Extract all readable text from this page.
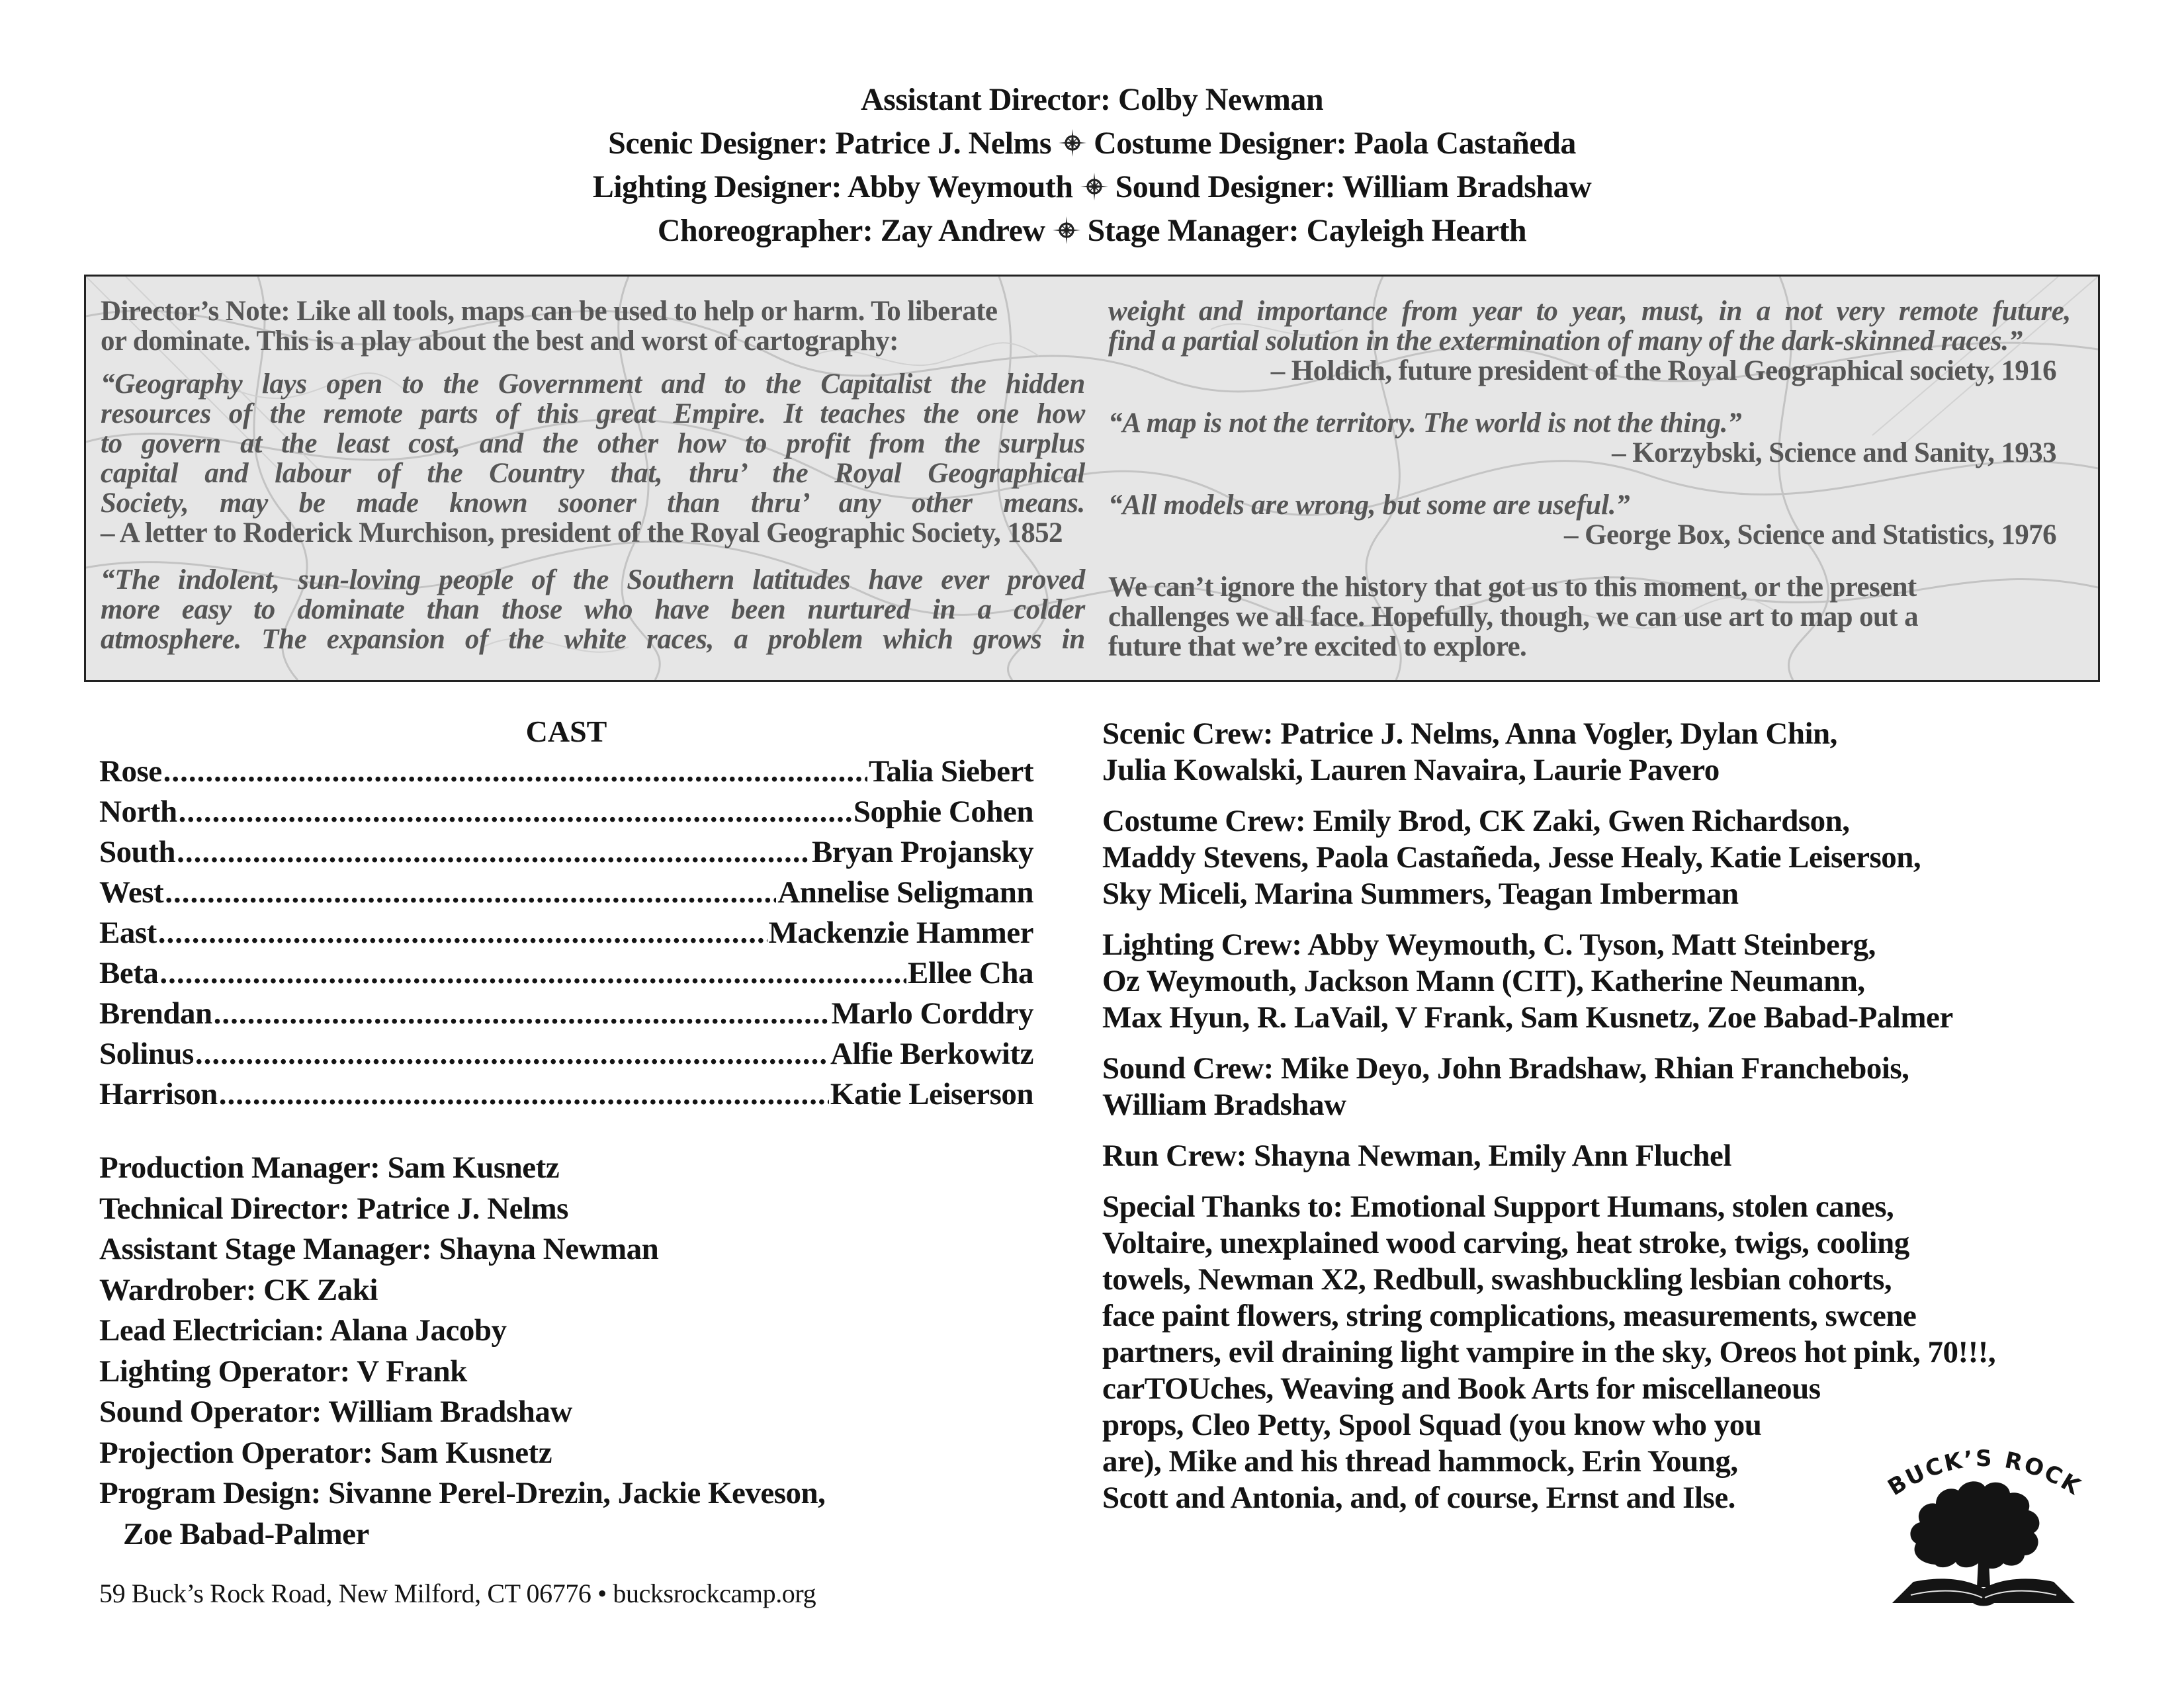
Assistant Director: Colby Newman
Scenic Designer: Patrice J. Nelms Costume Designer: Paola Castañeda
Lighting Designer: Abby Weymouth Sound Designer: William Bradshaw
Choreographer: Zay Andrew Stage Manager: Cayleigh Hearth

Director’s Note: Like all tools, maps can be used to help or harm. To liberate

or dominate. This is a play about the best and worst of cartography:

“Geography lays open to the Government and to the Capitalist the hidden

resources of the remote parts of this great Empire. It teaches the one how

to govern at the least cost, and the other how to profit from the surplus

capital and labour of the Country that, thru’ the Royal Geographical

Society, may be made known sooner than thru’ any other means.

– A letter to Roderick Murchison, president of the Royal Geographic Society, 1852

“The indolent, sun-loving people of the Southern latitudes have ever proved

more easy to dominate than those who have been nurtured in a colder

atmosphere. The expansion of the white races, a problem which grows in

weight and importance from year to year, must, in a not very remote future,

find a partial solution in the extermination of many of the dark-skinned races.”

– Holdich, future president of the Royal Geographical society, 1916

“A map is not the territory. The world is not the thing.”

– Korzybski, Science and Sanity, 1933

“All models are wrong, but some are useful.”

– George Box, Science and Statistics, 1976

We can’t ignore the history that got us to this moment, or the present

challenges we all face. Hopefully, though, we can use art to map out a

future that we’re excited to explore.

CAST
Rose .....	Talia Siebert
North .....	Sophie Cohen
South .....	Bryan Projansky
West .....	Annelise Seligmann
East .....	Mackenzie Hammer
Beta .....	Ellee Cha
Brendan .....	Marlo Corddry
Solinus .....	Alfie Berkowitz
Harrison .....	Katie Leiserson
Production Manager: Sam Kusnetz
Technical Director: Patrice J. Nelms
Assistant Stage Manager: Shayna Newman
Wardrober: CK Zaki
Lead Electrician: Alana Jacoby
Lighting Operator: V Frank
Sound Operator: William Bradshaw
Projection Operator: Sam Kusnetz
Program Design: Sivanne Perel-Drezin, Jackie Keveson,
Zoe Babad-Palmer
59 Buck’s Rock Road, New Milford, CT 06776 • bucksrockcamp.org
Scenic Crew: Patrice J. Nelms, Anna Vogler, Dylan Chin,
Julia Kowalski, Lauren Navaira, Laurie Pavero
Costume Crew: Emily Brod, CK Zaki, Gwen Richardson,
Maddy Stevens, Paola Castañeda, Jesse Healy, Katie Leiserson,
Sky Miceli, Marina Summers, Teagan Imberman
Lighting Crew: Abby Weymouth, C. Tyson, Matt Steinberg,
Oz Weymouth, Jackson Mann (CIT), Katherine Neumann,
Max Hyun, R. LaVail, V Frank, Sam Kusnetz, Zoe Babad-Palmer
Sound Crew: Mike Deyo, John Bradshaw, Rhian Franchebois,
William Bradshaw
Run Crew: Shayna Newman, Emily Ann Fluchel
Special Thanks to: Emotional Support Humans, stolen canes,
Voltaire, unexplained wood carving, heat stroke, twigs, cooling
towels, Newman X2, Redbull, swashbuckling lesbian cohorts,
face paint flowers, string complications, measurements, swcene
partners, evil draining light vampire in the sky, Oreos hot pink, 70!!!,
carTOUches, Weaving and Book Arts for miscellaneous
props, Cleo Petty, Spool Squad (you know who you
are), Mike and his thread hammock, Erin Young,
Scott and Antonia, and, of course, Ernst and Ilse.	BUCK’S ROCK
